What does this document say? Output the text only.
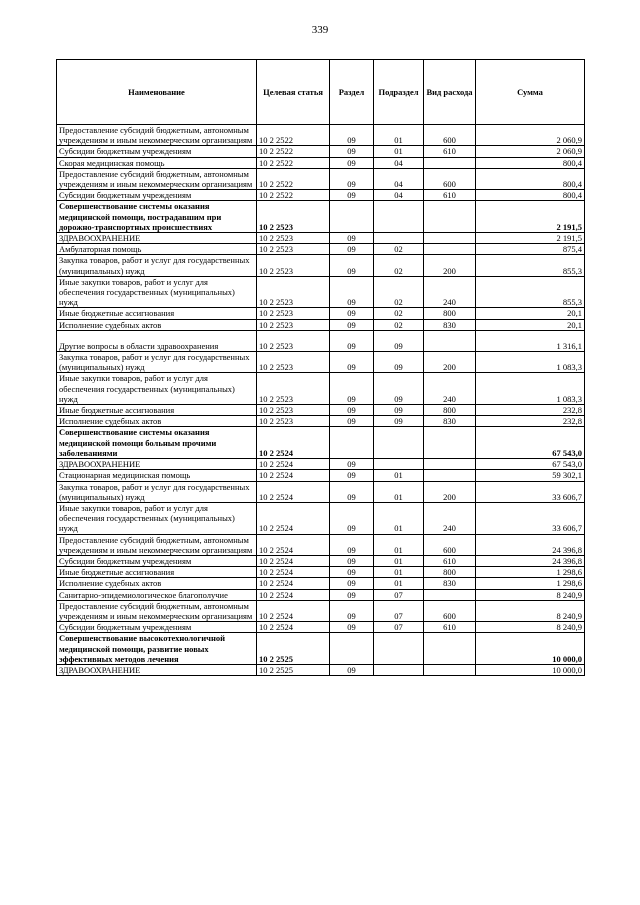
339
Наименование	Целевая статья	Раздел	Подраздел	Вид расхода	Сумма
Предоставление субсидий бюджетным, автономным учреждениям и иным некоммерческим организациям	10 2 2522	09	01	600	2 060,9
Субсидии бюджетным учреждениям	10 2 2522	09	01	610	2 060,9
Скорая медицинская помощь	10 2 2522	09	04		800,4
Предоставление субсидий бюджетным, автономным учреждениям и иным некоммерческим организациям	10 2 2522	09	04	600	800,4
Субсидии бюджетным учреждениям	10 2 2522	09	04	610	800,4
Совершенствование системы оказания медицинской помощи, пострадавшим при дорожно-транспортных происшествиях	10 2 2523				2 191,5
ЗДРАВООХРАНЕНИЕ	10 2 2523	09			2 191,5
Амбулаторная помощь	10 2 2523	09	02		875,4
Закупка товаров, работ и услуг для государственных (муниципальных) нужд	10 2 2523	09	02	200	855,3
Иные закупки товаров, работ и услуг для обеспечения государственных (муниципальных) нужд	10 2 2523	09	02	240	855,3
Иные бюджетные ассигнования	10 2 2523	09	02	800	20,1
Исполнение судебных актов	10 2 2523	09	02	830	20,1
Другие вопросы в области здравоохранения	10 2 2523	09	09		1 316,1
Закупка товаров, работ и услуг для государственных (муниципальных) нужд	10 2 2523	09	09	200	1 083,3
Иные закупки товаров, работ и услуг для обеспечения государственных (муниципальных) нужд	10 2 2523	09	09	240	1 083,3
Иные бюджетные ассигнования	10 2 2523	09	09	800	232,8
Исполнение судебных актов	10 2 2523	09	09	830	232,8
Совершенствование системы оказания медицинской помощи больным прочими заболеваниями	10 2 2524				67 543,0
ЗДРАВООХРАНЕНИЕ	10 2 2524	09			67 543,0
Стационарная медицинская помощь	10 2 2524	09	01		59 302,1
Закупка товаров, работ и услуг для государственных (муниципальных) нужд	10 2 2524	09	01	200	33 606,7
Иные закупки товаров, работ и услуг для обеспечения государственных (муниципальных) нужд	10 2 2524	09	01	240	33 606,7
Предоставление субсидий бюджетным, автономным учреждениям и иным некоммерческим организациям	10 2 2524	09	01	600	24 396,8
Субсидии бюджетным учреждениям	10 2 2524	09	01	610	24 396,8
Иные бюджетные ассигнования	10 2 2524	09	01	800	1 298,6
Исполнение судебных актов	10 2 2524	09	01	830	1 298,6
Санитарно-эпидемиологическое благополучие	10 2 2524	09	07		8 240,9
Предоставление субсидий бюджетным, автономным учреждениям и иным некоммерческим организациям	10 2 2524	09	07	600	8 240,9
Субсидии бюджетным учреждениям	10 2 2524	09	07	610	8 240,9
Совершенствование высокотехнологичной медицинской помощи, развитие новых эффективных методов лечения	10 2 2525				10 000,0
ЗДРАВООХРАНЕНИЕ	10 2 2525	09			10 000,0
